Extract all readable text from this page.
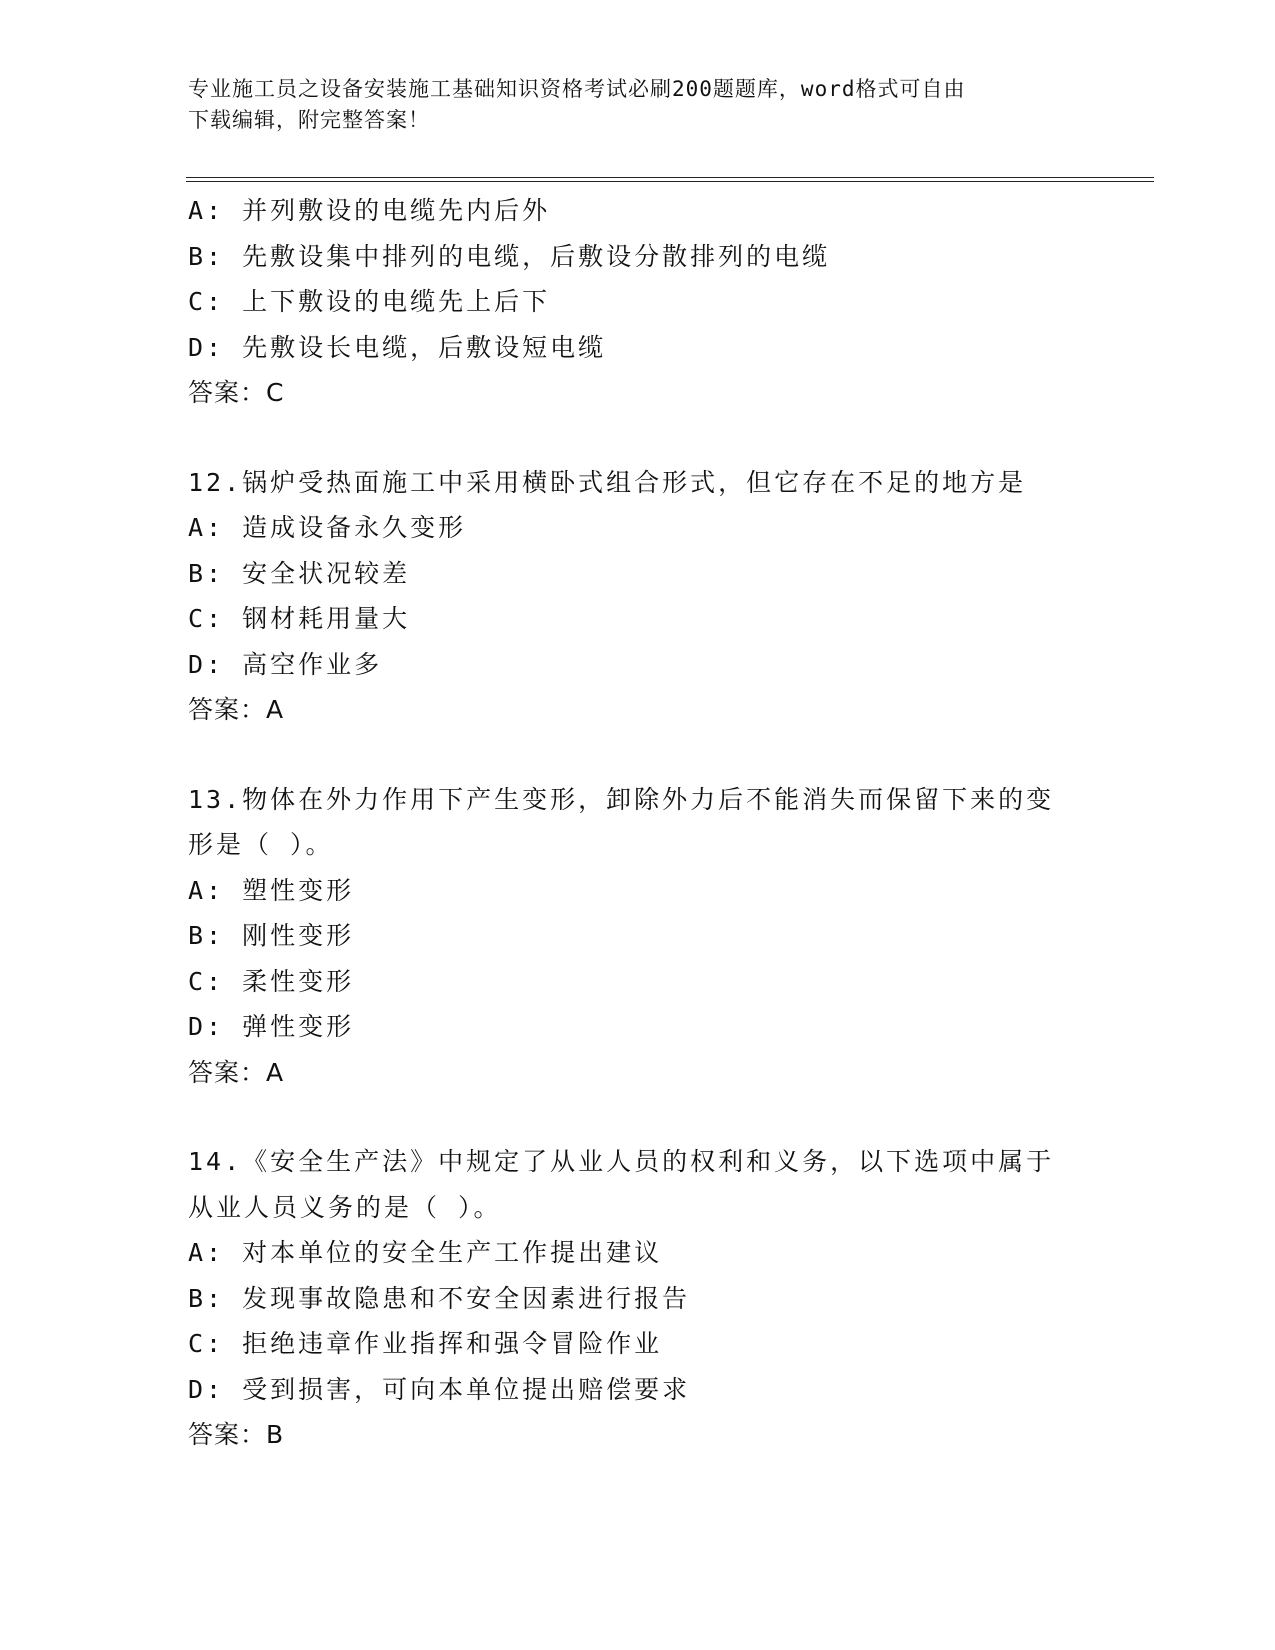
专业施工员之设备安装施工基础知识资格考试必刷200题题库，word格式可自由
下载编辑，附完整答案！
A: 并列敷设的电缆先内后外
B: 先敷设集中排列的电缆，后敷设分散排列的电缆
C: 上下敷设的电缆先上后下
D: 先敷设长电缆，后敷设短电缆
答案：C
12.锅炉受热面施工中采用横卧式组合形式，但它存在不足的地方是
A: 造成设备永久变形
B: 安全状况较差
C: 钢材耗用量大
D: 高空作业多
答案：A
13.物体在外力作用下产生变形，卸除外力后不能消失而保留下来的变
形是（ ）。
A: 塑性变形
B: 刚性变形
C: 柔性变形
D: 弹性变形
答案：A
14.《安全生产法》中规定了从业人员的权利和义务，以下选项中属于
从业人员义务的是（ ）。
A: 对本单位的安全生产工作提出建议
B: 发现事故隐患和不安全因素进行报告
C: 拒绝违章作业指挥和强令冒险作业
D: 受到损害，可向本单位提出赔偿要求
答案：B
